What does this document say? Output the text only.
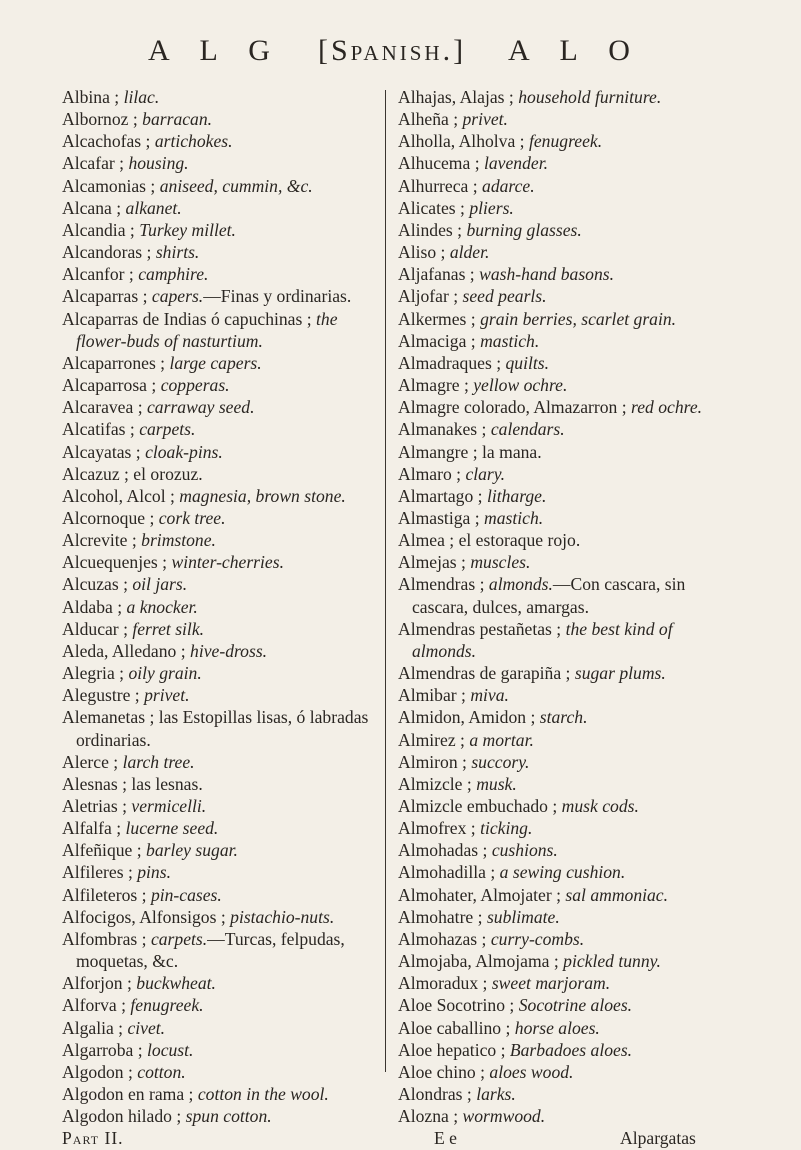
A L G [Spanish.] A L O
Albina ; lilac.
Albornoz ; barracan.
Alcachofas ; artichokes.
Alcafar ; housing.
Alcamonias ; aniseed, cummin, &c.
Alcana ; alkanet.
Alcandia ; Turkey millet.
Alcandoras ; shirts.
Alcanfor ; camphire.
Alcaparras ; capers.—Finas y ordinarias.
Alcaparras de Indias ó capuchinas ; the flower-buds of nasturtium.
Alcaparrones ; large capers.
Alcaparrosa ; copperas.
Alcaravea ; carraway seed.
Alcatifas ; carpets.
Alcayatas ; cloak-pins.
Alcazuz ; el orozuz.
Alcohol, Alcol ; magnesia, brown stone.
Alcornoque ; cork tree.
Alcrevite ; brimstone.
Alcuequenjes ; winter-cherries.
Alcuzas ; oil jars.
Aldaba ; a knocker.
Alducar ; ferret silk.
Aleda, Alledano ; hive-dross.
Alegria ; oily grain.
Alegustre ; privet.
Alemanetas ; las Estopillas lisas, ó labradas ordinarias.
Alerce ; larch tree.
Alesnas ; las lesnas.
Aletrias ; vermicelli.
Alfalfa ; lucerne seed.
Alfeñique ; barley sugar.
Alfileres ; pins.
Alfileteros ; pin-cases.
Alfocigos, Alfonsigos ; pistachio-nuts.
Alfombras ; carpets.—Turcas, felpudas, moquetas, &c.
Alforjon ; buckwheat.
Alforva ; fenugreek.
Algalia ; civet.
Algarroba ; locust.
Algodon ; cotton.
Algodon en rama ; cotton in the wool.
Algodon hilado ; spun cotton.
Part II.
Alhajas, Alajas ; household furniture.
Alheña ; privet.
Alholla, Alholva ; fenugreek.
Alhucema ; lavender.
Alhurreca ; adarce.
Alicates ; pliers.
Alindes ; burning glasses.
Aliso ; alder.
Aljafanas ; wash-hand basons.
Aljofar ; seed pearls.
Alkermes ; grain berries, scarlet grain.
Almaciga ; mastich.
Almadraques ; quilts.
Almagre ; yellow ochre.
Almagre colorado, Almazarron ; red ochre.
Almanakes ; calendars.
Almangre ; la mana.
Almaro ; clary.
Almartago ; litharge.
Almastiga ; mastich.
Almea ; el estoraque rojo.
Almejas ; muscles.
Almendras ; almonds.—Con cascara, sin cascara, dulces, amargas.
Almendras pestañetas ; the best kind of almonds.
Almendras de garapiña ; sugar plums.
Almibar ; miva.
Almidon, Amidon ; starch.
Almirez ; a mortar.
Almiron ; succory.
Almizcle ; musk.
Almizcle embuchado ; musk cods.
Almofrex ; ticking.
Almohadas ; cushions.
Almohadilla ; a sewing cushion.
Almohater, Almojater ; sal ammoniac.
Almohatre ; sublimate.
Almohazas ; curry-combs.
Almojaba, Almojama ; pickled tunny.
Almoradux ; sweet marjoram.
Aloe Socotrino ; Socotrine aloes.
Aloe caballino ; horse aloes.
Aloe hepatico ; Barbadoes aloes.
Aloe chino ; aloes wood.
Alondras ; larks.
Alozna ; wormwood.
E e	Alpargatas
